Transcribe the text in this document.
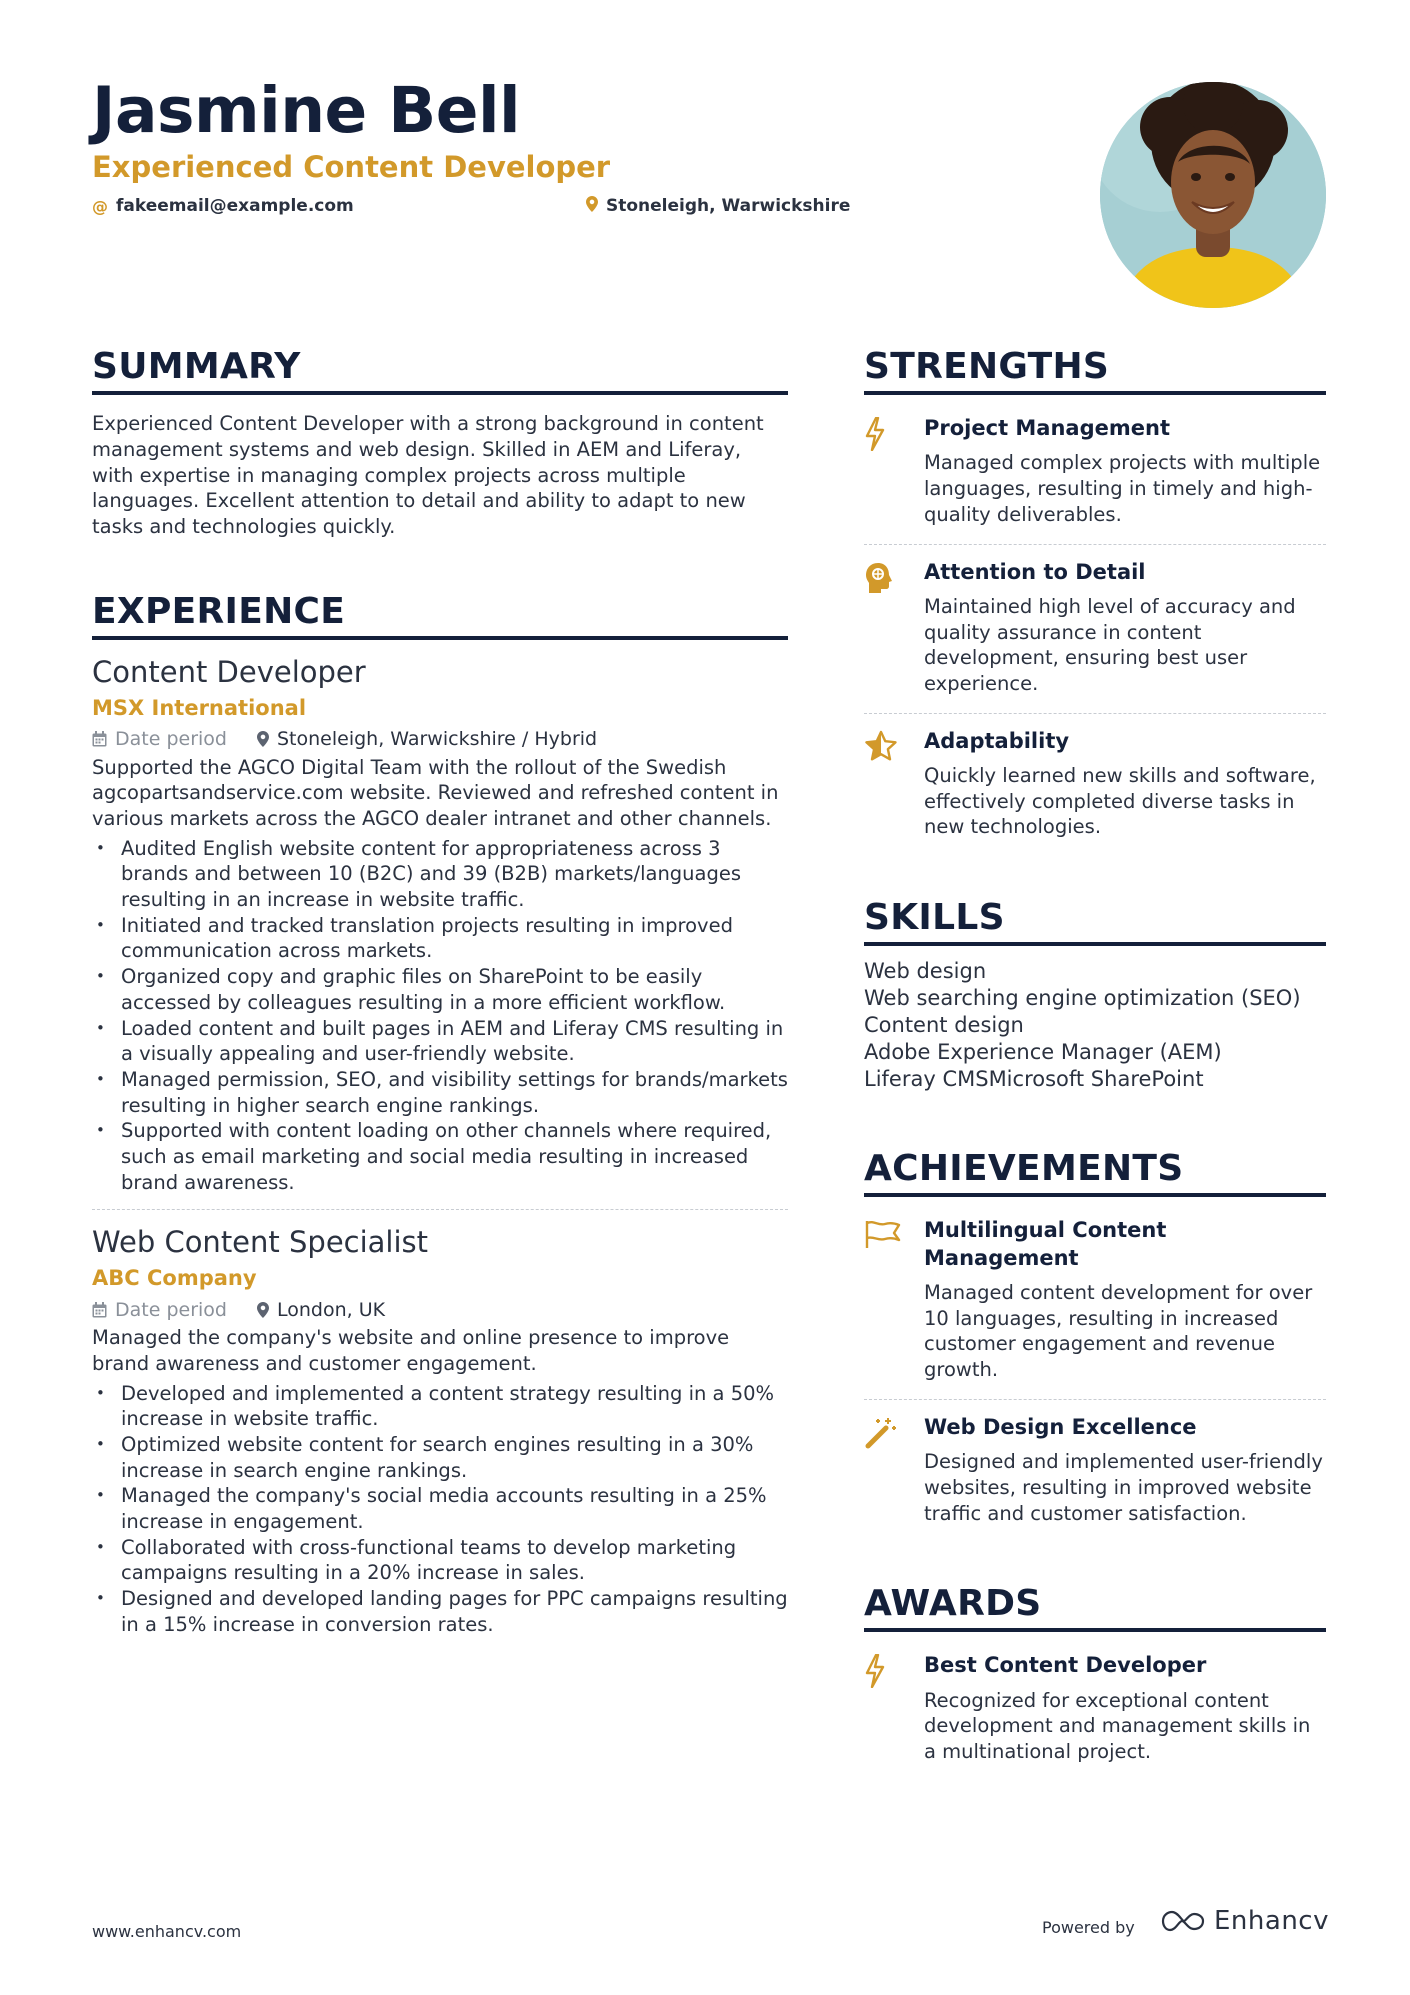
Jasmine Bell
Experienced Content Developer
@ fakeemail@example.com	Stoneleigh, Warwickshire
SUMMARY
Experienced Content Developer with a strong background in content management systems and web design. Skilled in AEM and Liferay, with expertise in managing complex projects across multiple languages. Excellent attention to detail and ability to adapt to new tasks and technologies quickly.
EXPERIENCE
Content Developer
MSX International
Date period	Stoneleigh, Warwickshire / Hybrid
Supported the AGCO Digital Team with the rollout of the Swedish agcopartsandservice.com website. Reviewed and refreshed content in various markets across the AGCO dealer intranet and other channels.
• Audited English website content for appropriateness across 3 brands and between 10 (B2C) and 39 (B2B) markets/languages resulting in an increase in website traffic.
• Initiated and tracked translation projects resulting in improved communication across markets.
• Organized copy and graphic files on SharePoint to be easily accessed by colleagues resulting in a more efficient workflow.
• Loaded content and built pages in AEM and Liferay CMS resulting in a visually appealing and user-friendly website.
• Managed permission, SEO, and visibility settings for brands/markets resulting in higher search engine rankings.
• Supported with content loading on other channels where required, such as email marketing and social media resulting in increased brand awareness.
Web Content Specialist
ABC Company
Date period	London, UK
Managed the company's website and online presence to improve brand awareness and customer engagement.
• Developed and implemented a content strategy resulting in a 50% increase in website traffic.
• Optimized website content for search engines resulting in a 30% increase in search engine rankings.
• Managed the company's social media accounts resulting in a 25% increase in engagement.
• Collaborated with cross-functional teams to develop marketing campaigns resulting in a 20% increase in sales.
• Designed and developed landing pages for PPC campaigns resulting in a 15% increase in conversion rates.
STRENGTHS
Project Management
Managed complex projects with multiple languages, resulting in timely and high-quality deliverables.
Attention to Detail
Maintained high level of accuracy and quality assurance in content development, ensuring best user experience.
Adaptability
Quickly learned new skills and software, effectively completed diverse tasks in new technologies.
SKILLS
Web design
Web searching engine optimization (SEO)
Content design
Adobe Experience Manager (AEM)
Liferay CMSMicrosoft SharePoint
ACHIEVEMENTS
Multilingual Content Management
Managed content development for over 10 languages, resulting in increased customer engagement and revenue growth.
Web Design Excellence
Designed and implemented user-friendly websites, resulting in improved website traffic and customer satisfaction.
AWARDS
Best Content Developer
Recognized for exceptional content development and management skills in a multinational project.
www.enhancv.com	Powered by	Enhancv
